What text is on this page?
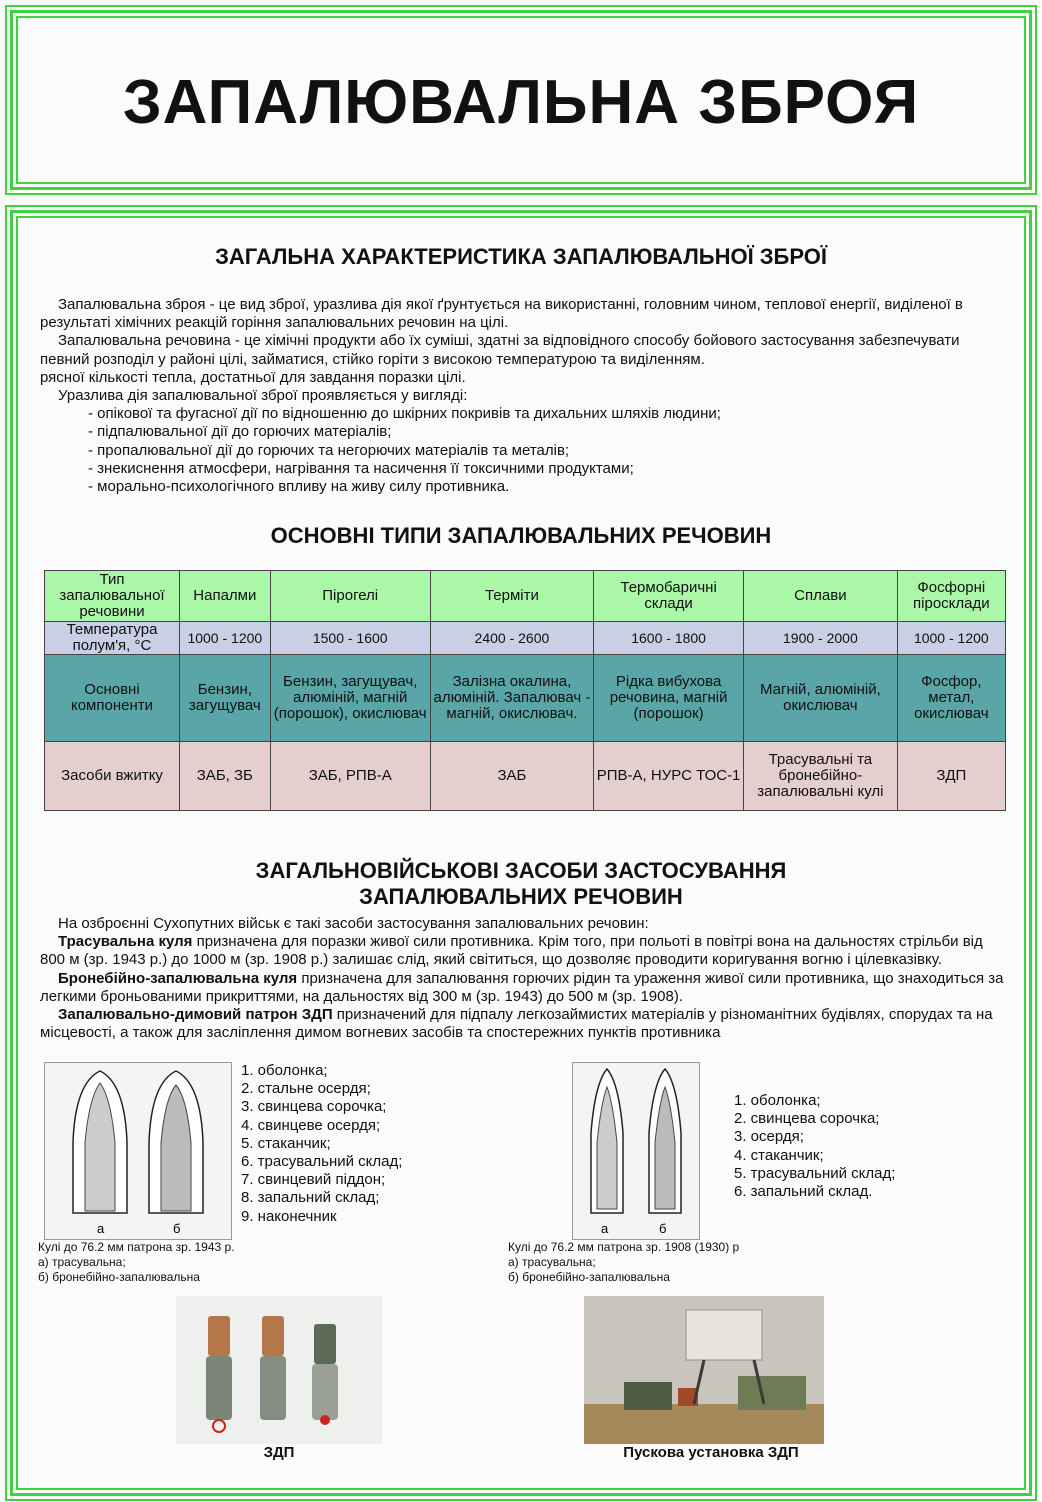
ЗАПАЛЮВАЛЬНА ЗБРОЯ
ЗАГАЛЬНА ХАРАКТЕРИСТИКА ЗАПАЛЮВАЛЬНОЇ ЗБРОЇ

Запалювальна зброя - це вид зброї, уразлива дія якої ґрунтується на використанні, головним чином, теплової енергії, виділеної в результаті хімічних реакцій горіння запалювальних речовин на цілі.

Запалювальна речовина - це хімічні продукти або їх суміші, здатні за відповідного способу бойового застосування забезпечувати певний розподіл у районі цілі, займатися, стійко горіти з високою температурою та виділенням.

рясної кількості тепла, достатньої для завдання поразки цілі.

Уразлива дія запалювальної зброї проявляється у вигляді:

- опікової та фугасної дії по відношенню до шкірних покривів та дихальних шляхів людини;
- підпалювальної дії до горючих матеріалів;
- пропалювальної дії до горючих та негорючих матеріалів та металів;
- знекиснення атмосфери, нагрівання та насичення її токсичними продуктами;
- морально-психологічного впливу на живу силу противника.
ОСНОВНІ ТИПИ ЗАПАЛЮВАЛЬНИХ РЕЧОВИН
Тип запалювальної речовини	Напалми	Пірогелі	Терміти	Термобаричні склади	Сплави	Фосфорні піросклади
Температура полум'я, °С	1000 - 1200	1500 - 1600	2400 - 2600	1600 - 1800	1900 - 2000	1000 - 1200
Основні компоненти	Бензин, загущувач	Бензин, загущувач, алюміній, магній (порошок), окислювач	Залізна окалина, алюміній. Запалювач - магній, окислювач.	Рідка вибухова речовина, магній (порошок)	Магній, алюміній, окислювач	Фосфор, метал, окислювач
Засоби вжитку	ЗАБ, ЗБ	ЗАБ, РПВ-А	ЗАБ	РПВ-А, НУРС ТОС-1	Трасувальні та бронебійно-запалювальні кулі	ЗДП
ЗАГАЛЬНОВІЙСЬКОВІ ЗАСОБИ ЗАСТОСУВАННЯ
ЗАПАЛЮВАЛЬНИХ РЕЧОВИН

На озброєнні Сухопутних військ є такі засоби застосування запалювальних речовин:

Трасувальна куля призначена для поразки живої сили противника. Крім того, при польоті в повітрі вона на дальностях стрільби від 800 м (зр. 1943 р.) до 1000 м (зр. 1908 р.) залишає слід, який світиться, що дозволяє проводити коригування вогню і цілевказівку.

Бронебійно-запалювальна куля призначена для запалювання горючих рідин та ураження живої сили противника, що знаходиться за легкими броньованими прикриттями, на дальностях від 300 м (зр. 1943) до 500 м (зр. 1908).

Запалювально-димовий патрон ЗДП призначений для підпалу легкозаймистих матеріалів у різноманітних будівлях, спорудах та на місцевості, а також для засліплення димом вогневих засобів та спостережних пунктів противника

а	б
1. оболонка;
2. стальне осердя;
3. свинцева сорочка;
4. свинцеве осердя;
5. стаканчик;
6. трасувальний склад;
7. свинцевий піддон;
8. запальний склад;
9. наконечник
Кулі до 76.2 мм патрона зр. 1943 р.
а) трасувальна;
б) бронебійно-запалювальна
а	б
1. оболонка;
2. свинцева сорочка;
3. осердя;
4. стаканчик;
5. трасувальний склад;
6. запальний склад.
Кулі до 76.2 мм патрона зр. 1908 (1930) р
а) трасувальна;
б) бронебійно-запалювальна
ЗДП	Пускова установка ЗДП
